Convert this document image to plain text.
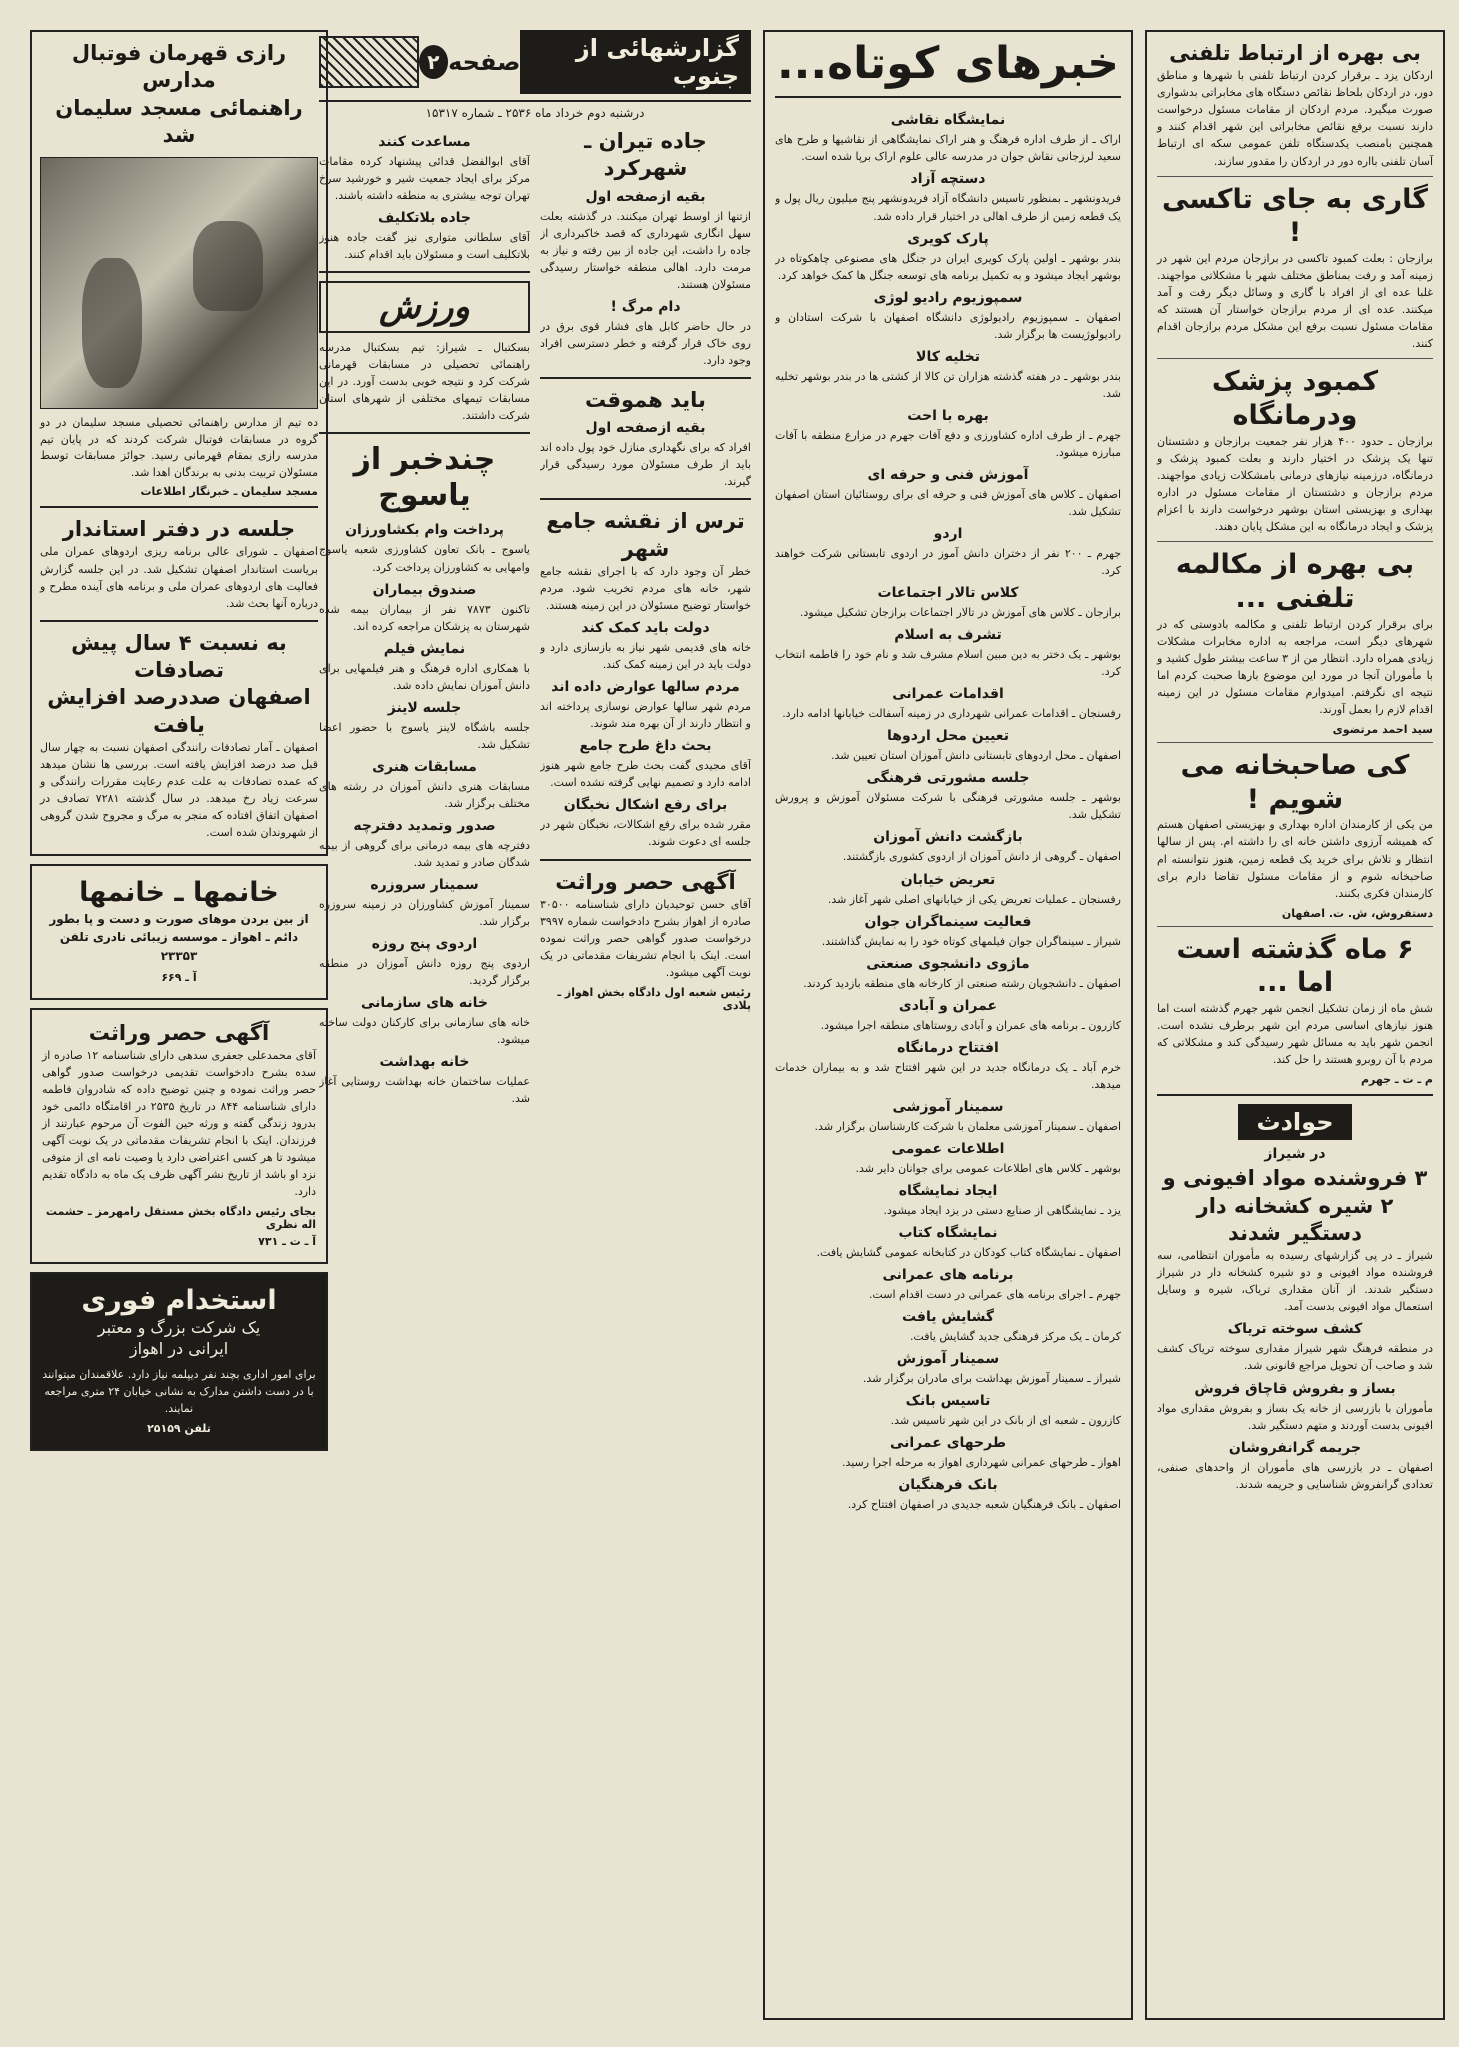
بی بهره از ارتباط تلفنی

اردکان یزد ـ برقرار کردن ارتباط تلفنی با شهرها و مناطق دور، در اردکان بلحاظ نقائص دستگاه های مخابراتی بدشواری صورت میگیرد. مردم اردکان از مقامات مسئول درخواست دارند نسبت برفع نقائص مخابراتی این شهر اقدام کنند و همچنین بامنصب یکدستگاه تلفن عمومی سکه ای ارتباط آسان تلفنی بااره دور در اردکان را مقدور سازند.

گاری به جای تاکسی !

برازجان : بعلت کمبود تاکسی در برازجان مردم این شهر در زمینه آمد و رفت بمناطق مختلف شهر با مشکلاتی مواجهند. غلبا عده ای از افراد با گاری و وسائل دیگر رفت و آمد میکنند. عده ای از مردم برازجان خواستار آن هستند که مقامات مسئول نسبت برفع این مشکل مردم برازجان اقدام کنند.

کمبود پزشک ودرمانگاه

برازجان ـ حدود ۴۰۰ هزار نفر جمعیت برازجان و دشتستان تنها یک پزشک در اختیار دارند و بعلت کمبود پزشک و درمانگاه، درزمینه نیازهای درمانی بامشکلات زیادی مواجهند. مردم برازجان و دشتستان از مقامات مسئول در اداره بهداری و بهزیستی استان بوشهر درخواست دارند با اعزام پزشک و ایجاد درمانگاه به این مشکل پایان دهند.

بی بهره از مکالمه تلفنی ...

برای برقرار کردن ارتباط تلفنی و مکالمه بادوستی که در شهرهای دیگر است، مراجعه به اداره مخابرات مشکلات زیادی همراه دارد. انتظار من از ۳ ساعت بیشتر طول کشید و با مأموران آنجا در مورد این موضوع بارها صحبت کردم اما نتیجه ای نگرفتم. امیدوارم مقامات مسئول در این زمینه اقدام لازم را بعمل آورند.

سید احمد مرتضوی
کی صاحبخانه می شویم !

من یکی از کارمندان اداره بهداری و بهزیستی اصفهان هستم که همیشه آرزوی داشتن خانه ای را داشته ام. پس از سالها انتظار و تلاش برای خرید یک قطعه زمین، هنوز نتوانسته ام صاحبخانه شوم و از مقامات مسئول تقاضا دارم برای کارمندان فکری بکنند.

دستفروش، ش. ت. اصفهان
۶ ماه گذشته است اما ...

شش ماه از زمان تشکیل انجمن شهر جهرم گذشته است اما هنوز نیازهای اساسی مردم این شهر برطرف نشده است. انجمن شهر باید به مسائل شهر رسیدگی کند و مشکلاتی که مردم با آن روبرو هستند را حل کند.

م ـ ت ـ جهرم
حوادث
در شیراز
۳ فروشنده مواد افیونی و ۲ شیره کشخانه دار دستگیر شدند

شیراز ـ در پی گزارشهای رسیده به مأموران انتظامی، سه فروشنده مواد افیونی و دو شیره کشخانه دار در شیراز دستگیر شدند. از آنان مقداری تریاک، شیره و وسایل استعمال مواد افیونی بدست آمد.

کشف سوخته تریاک

در منطقه فرهنگ شهر شیراز مقداری سوخته تریاک کشف شد و صاحب آن تحویل مراجع قانونی شد.

بساز و بفروش قاچاق فروش

مأموران با بازرسی از خانه یک بساز و بفروش مقداری مواد افیونی بدست آوردند و متهم دستگیر شد.

جریمه گرانفروشان

اصفهان ـ در بازرسی های مأموران از واحدهای صنفی، تعدادی گرانفروش شناسایی و جریمه شدند.

خبرهای کوتاه...
نمایشگاه نقاشی

اراک ـ از طرف اداره فرهنگ و هنر اراک نمایشگاهی از نقاشیها و طرح های سعید لرزجانی نقاش جوان در مدرسه عالی علوم اراک برپا شده است.

دستچه آزاد

فریدونشهر ـ بمنظور تاسیس دانشگاه آزاد فریدونشهر پنج میلیون ریال پول و یک قطعه زمین از طرف اهالی در اختیار قرار داده شد.

پارک کویری

بندر بوشهر ـ اولین پارک کویری ایران در جنگل های مصنوعی چاهکوتاه در بوشهر ایجاد میشود و به تکمیل برنامه های توسعه جنگل ها کمک خواهد کرد.

سمپوزیوم رادیو لوژی

اصفهان ـ سمپوزیوم رادیولوژی دانشگاه اصفهان با شرکت استادان و رادیولوژیست ها برگزار شد.

تخلیه کالا

بندر بوشهر ـ در هفته گذشته هزاران تن کالا از کشتی ها در بندر بوشهر تخلیه شد.

بهره با احت

جهرم ـ از طرف اداره کشاورزی و دفع آفات جهرم در مزارع منطقه با آفات مبارزه میشود.

آموزش فنی و حرفه ای

اصفهان ـ کلاس های آموزش فنی و حرفه ای برای روستائیان استان اصفهان تشکیل شد.

اردو

جهرم ـ ۲۰۰ نفر از دختران دانش آموز در اردوی تابستانی شرکت خواهند کرد.

کلاس تالار اجتماعات

برازجان ـ کلاس های آموزش در تالار اجتماعات برازجان تشکیل میشود.

تشرف به اسلام

بوشهر ـ یک دختر به دین مبین اسلام مشرف شد و نام خود را فاطمه انتخاب کرد.

اقدامات عمرانی

رفسنجان ـ اقدامات عمرانی شهرداری در زمینه آسفالت خیابانها ادامه دارد.

تعیین محل اردوها

اصفهان ـ محل اردوهای تابستانی دانش آموزان استان تعیین شد.

جلسه مشورتی فرهنگی

بوشهر ـ جلسه مشورتی فرهنگی با شرکت مسئولان آموزش و پرورش تشکیل شد.

بازگشت دانش آموزان

اصفهان ـ گروهی از دانش آموزان از اردوی کشوری بازگشتند.

تعریض خیابان

رفسنجان ـ عملیات تعریض یکی از خیابانهای اصلی شهر آغاز شد.

فعالیت سینماگران جوان

شیراز ـ سینماگران جوان فیلمهای کوتاه خود را به نمایش گذاشتند.

ماژوی دانشجوی صنعتی

اصفهان ـ دانشجویان رشته صنعتی از کارخانه های منطقه بازدید کردند.

عمران و آبادی

کازرون ـ برنامه های عمران و آبادی روستاهای منطقه اجرا میشود.

افتتاح درمانگاه

خرم آباد ـ یک درمانگاه جدید در این شهر افتتاح شد و به بیماران خدمات میدهد.

سمینار آموزشی

اصفهان ـ سمینار آموزشی معلمان با شرکت کارشناسان برگزار شد.

اطلاعات عمومی

بوشهر ـ کلاس های اطلاعات عمومی برای جوانان دایر شد.

ایجاد نمایشگاه

یزد ـ نمایشگاهی از صنایع دستی در یزد ایجاد میشود.

نمایشگاه کتاب

اصفهان ـ نمایشگاه کتاب کودکان در کتابخانه عمومی گشایش یافت.

برنامه های عمرانی

جهرم ـ اجرای برنامه های عمرانی در دست اقدام است.

گشایش یافت

کرمان ـ یک مرکز فرهنگی جدید گشایش یافت.

سمینار آموزش

شیراز ـ سمینار آموزش بهداشت برای مادران برگزار شد.

تاسیس بانک

کازرون ـ شعبه ای از بانک در این شهر تاسیس شد.

طرحهای عمرانی

اهواز ـ طرحهای عمرانی شهرداری اهواز به مرحله اجرا رسید.

بانک فرهنگیان

اصفهان ـ بانک فرهنگیان شعبه جدیدی در اصفهان افتتاح کرد.

گزارشهائی از جنوب
صفحه
۲
درشنبه دوم خرداد ماه ۲۵۳۶ ـ شماره ۱۵۳۱۷
جاده تیران ـ شهرکرد
بقیه ازصفحه اول

ازتنها از اوسط تهران میکنند. در گذشته بعلت سهل انگاری شهرداری که قصد خاکبرداری از جاده را داشت، این جاده از بین رفته و نیاز به مرمت دارد. اهالی منطقه خواستار رسیدگی مسئولان هستند.

دام مرگ !

در حال حاضر کابل های فشار قوی برق در روی خاک قرار گرفته و خطر دسترسی افراد وجود دارد.

باید هموقت
بقیه ازصفحه اول

افراد که برای نگهداری منازل خود پول داده اند باید از طرف مسئولان مورد رسیدگی قرار گیرند.

ترس از نقشه جامع شهر

خطر آن وجود دارد که با اجرای نقشه جامع شهر، خانه های مردم تخریب شود. مردم خواستار توضیح مسئولان در این زمینه هستند.

دولت باید کمک کند

خانه های قدیمی شهر نیاز به بازسازی دارد و دولت باید در این زمینه کمک کند.

مردم سالها عوارض داده اند

مردم شهر سالها عوارض نوسازی پرداخته اند و انتظار دارند از آن بهره مند شوند.

بحث داغ طرح جامع

آقای مجیدی گفت بحث طرح جامع شهر هنوز ادامه دارد و تصمیم نهایی گرفته نشده است.

برای رفع اشکال نخبگان

مقرر شده برای رفع اشکالات، نخبگان شهر در جلسه ای دعوت شوند.

آگهی حصر وراثت

آقای حسن توحیدیان دارای شناسنامه ۳۰۵۰۰ صادره از اهواز بشرح دادخواست شماره ۳۹۹۷ درخواست صدور گواهی حصر وراثت نموده است. اینک با انجام تشریفات مقدماتی در یک نوبت آگهی میشود.

رئیس شعبه اول دادگاه بخش اهواز ـ پلادی
مساعدت کنند

آقای ابوالفضل قدائی پیشنهاد کرده مقامات مرکز برای ایجاد جمعیت شیر و خورشید سرخ تهران توجه بیشتری به منطقه داشته باشند.

جاده بلاتکلیف

آقای سلطانی متواری نیز گفت جاده هنوز بلاتکلیف است و مسئولان باید اقدام کنند.

ورزش

بسکتبال ـ شیراز: تیم بسکتبال مدرسه راهنمائی تحصیلی در مسابقات قهرمانی شرکت کرد و نتیجه خوبی بدست آورد. در این مسابقات تیمهای مختلفی از شهرهای استان شرکت داشتند.

چندخبر از یاسوج
پرداخت وام بکشاورزان

یاسوج ـ بانک تعاون کشاورزی شعبه یاسوج وامهایی به کشاورزان پرداخت کرد.

صندوق بیماران

تاکنون ۷۸۷۳ نفر از بیماران بیمه شده شهرستان به پزشکان مراجعه کرده اند.

نمایش فیلم

با همکاری اداره فرهنگ و هنر فیلمهایی برای دانش آموزان نمایش داده شد.

جلسه لاینز

جلسه باشگاه لاینز یاسوج با حضور اعضا تشکیل شد.

مسابقات هنری

مسابقات هنری دانش آموزان در رشته های مختلف برگزار شد.

صدور وتمدید دفترچه

دفترچه های بیمه درمانی برای گروهی از بیمه شدگان صادر و تمدید شد.

سمینار سروزره

سمینار آموزش کشاورزان در زمینه سروزره برگزار شد.

اردوی پنج روزه

اردوی پنج روزه دانش آموزان در منطقه برگزار گردید.

خانه های سازمانی

خانه های سازمانی برای کارکنان دولت ساخته میشود.

خانه بهداشت

عملیات ساختمان خانه بهداشت روستایی آغاز شد.

رازی قهرمان فوتبال مدارس
راهنمائی مسجد سلیمان شد
ده تیم از مدارس راهنمائی تحصیلی مسجد سلیمان در دو گروه در مسابقات فوتبال شرکت کردند که در پایان تیم مدرسه رازی بمقام قهرمانی رسید. جوائز مسابقات توسط مسئولان تربیت بدنی به برندگان اهدا شد.
مسجد سلیمان ـ خبرنگار اطلاعات
جلسه در دفتر استاندار

اصفهان ـ شورای عالی برنامه ریزی اردوهای عمران ملی بریاست استاندار اصفهان تشکیل شد. در این جلسه گزارش فعالیت های اردوهای عمران ملی و برنامه های آینده مطرح و درباره آنها بحث شد.

به نسبت ۴ سال پیش تصادفات
اصفهان صددرصد افزایش یافت

اصفهان ـ آمار تصادفات رانندگی اصفهان نسبت به چهار سال قبل صد درصد افزایش یافته است. بررسی ها نشان میدهد که عمده تصادفات به علت عدم رعایت مقررات رانندگی و سرعت زیاد رخ میدهد. در سال گذشته ۷۲۸۱ تصادف در اصفهان اتفاق افتاده که منجر به مرگ و مجروح شدن گروهی از شهروندان شده است.

خانمها ـ خانمها

از بین بردن موهای صورت و دست و پا بطور دائم ـ اهواز ـ موسسه زیبائی نادری تلفن ۲۳۳۵۳

آ ـ ۶۶۹
آگهی حصر وراثت

آقای محمدعلی جعفری سدهی دارای شناسنامه ۱۲ صادره از سده بشرح دادخواست تقدیمی درخواست صدور گواهی حصر وراثت نموده و چنین توضیح داده که شادروان فاطمه دارای شناسنامه ۸۴۴ در تاریخ ۲۵۳۵ در اقامتگاه دائمی خود بدرود زندگی گفته و ورثه حین الفوت آن مرحوم عبارتند از فرزندان. اینک با انجام تشریفات مقدماتی در یک نوبت آگهی میشود تا هر کسی اعتراضی دارد یا وصیت نامه ای از متوفی نزد او باشد از تاریخ نشر آگهی ظرف یک ماه به دادگاه تقدیم دارد.

بجای رئیس دادگاه بخش مستقل رامهرمز ـ حشمت اله نظری
آ ـ ت ـ ۷۳۱
استخدام فوری
یک شرکت بزرگ و معتبر
ایرانی در اهواز

برای امور اداری بچند نفر دیپلمه نیاز دارد. علاقمندان میتوانند با در دست داشتن مدارک به نشانی خیابان ۲۴ متری مراجعه نمایند.

تلفن ۲۵۱۵۹
